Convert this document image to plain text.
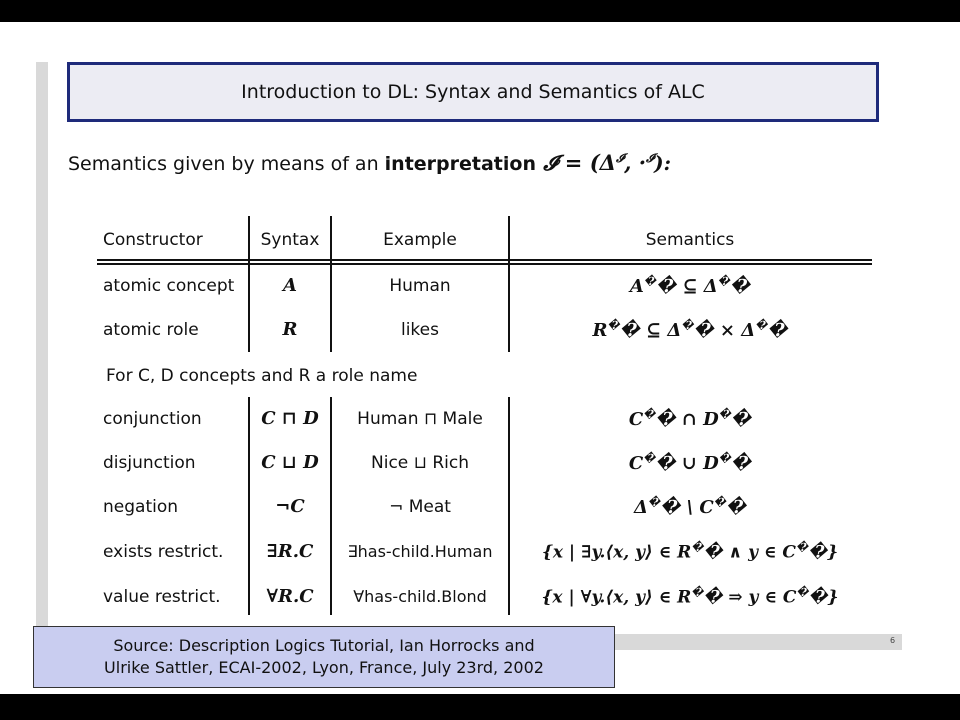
Introduction to DL: Syntax and Semantics of ALC
Semantics given by means of an interpretation 𝓘 = ($\Delta^𝓘$, ·$^𝓘$):
Constructor	Syntax	Example	Semantics
atomic concept	A	Human	A�� ⊆ Δ��
atomic role	R	likes	R�� ⊆ Δ�� × Δ��
For C, D concepts and R a role name
conjunction	C ⊓ D	Human ⊓ Male	C�� ∩ D��
disjunction	C ⊔ D	Nice ⊔ Rich	C�� ∪ D��
negation	¬C	¬ Meat	Δ�� \ C��
exists restrict.	∃R.C	∃has-child.Human	{x | ∃y.⟨x, y⟩ ∈ R�� ∧ y ∈ C��}
value restrict.	∀R.C	∀has-child.Blond	{x | ∀y.⟨x, y⟩ ∈ R�� ⇒ y ∈ C��}
6
Source: Description Logics Tutorial, Ian Horrocks and
Ulrike Sattler, ECAI-2002, Lyon, France, July 23rd, 2002
